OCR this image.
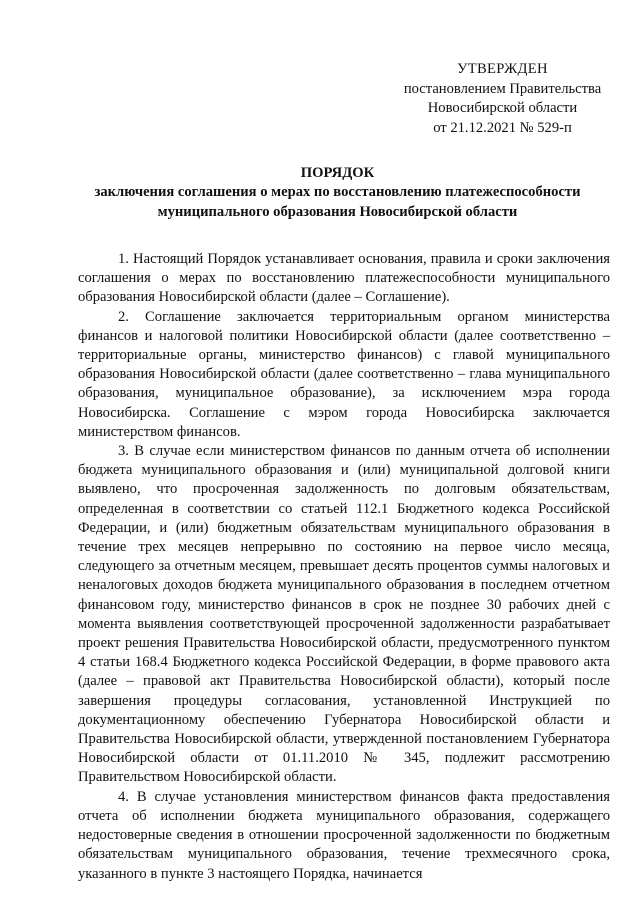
УТВЕРЖДЕН
постановлением Правительства
Новосибирской области
от 21.12.2021 № 529-п
ПОРЯДОК
заключения соглашения о мерах по восстановлению платежеспособности
муниципального образования Новосибирской области

1. Настоящий Порядок устанавливает основания, правила и сроки заключения соглашения о мерах по восстановлению платежеспособности муниципального образования Новосибирской области (далее – Соглашение).

2. Соглашение заключается территориальным органом министерства финансов и налоговой политики Новосибирской области (далее соответственно – территориальные органы, министерство финансов) с главой муниципального образования Новосибирской области (далее соответственно – глава муниципального образования, муниципальное образование), за исключением мэра города Новосибирска. Соглашение с мэром города Новосибирска заключается министерством финансов.

3. В случае если министерством финансов по данным отчета об исполнении бюджета муниципального образования и (или) муниципальной долговой книги выявлено, что просроченная задолженность по долговым обязательствам, определенная в соответствии со статьей 112.1 Бюджетного кодекса Российской Федерации, и (или) бюджетным обязательствам муниципального образования в течение трех месяцев непрерывно по состоянию на первое число месяца, следующего за отчетным месяцем, превышает десять процентов суммы налоговых и неналоговых доходов бюджета муниципального образования в последнем отчетном финансовом году, министерство финансов в срок не позднее 30 рабочих дней с момента выявления соответствующей просроченной задолженности разрабатывает проект решения Правительства Новосибирской области, предусмотренного пунктом 4 статьи 168.4 Бюджетного кодекса Российской Федерации, в форме правового акта (далее – правовой акт Правительства Новосибирской области), который после завершения процедуры согласования, установленной Инструкцией по документационному обеспечению Губернатора Новосибирской области и Правительства Новосибирской области, утвержденной постановлением Губернатора Новосибирской области от 01.11.2010 № 345, подлежит рассмотрению Правительством Новосибирской области.

4. В случае установления министерством финансов факта предоставления отчета об исполнении бюджета муниципального образования, содержащего недостоверные сведения в отношении просроченной задолженности по бюджетным обязательствам муниципального образования, течение трехмесячного срока, указанного в пункте 3 настоящего Порядка, начинается
